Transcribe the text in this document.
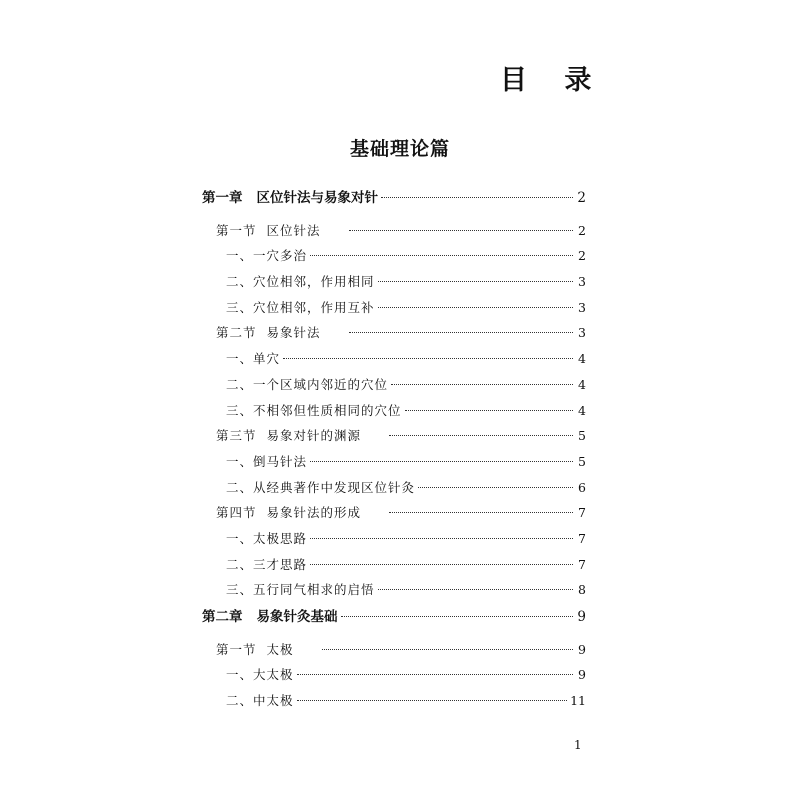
目 录
基础理论篇
第一章 区位针法与易象对针	2
第一节 区位针法	2
一、一穴多治	2
二、穴位相邻，作用相同	3
三、穴位相邻，作用互补	3
第二节 易象针法	3
一、单穴	4
二、一个区域内邻近的穴位	4
三、不相邻但性质相同的穴位	4
第三节 易象对针的渊源	5
一、倒马针法	5
二、从经典著作中发现区位针灸	6
第四节 易象针法的形成	7
一、太极思路	7
二、三才思路	7
三、五行同气相求的启悟	8
第二章 易象针灸基础	9
第一节 太极	9
一、大太极	9
二、中太极	11
1
